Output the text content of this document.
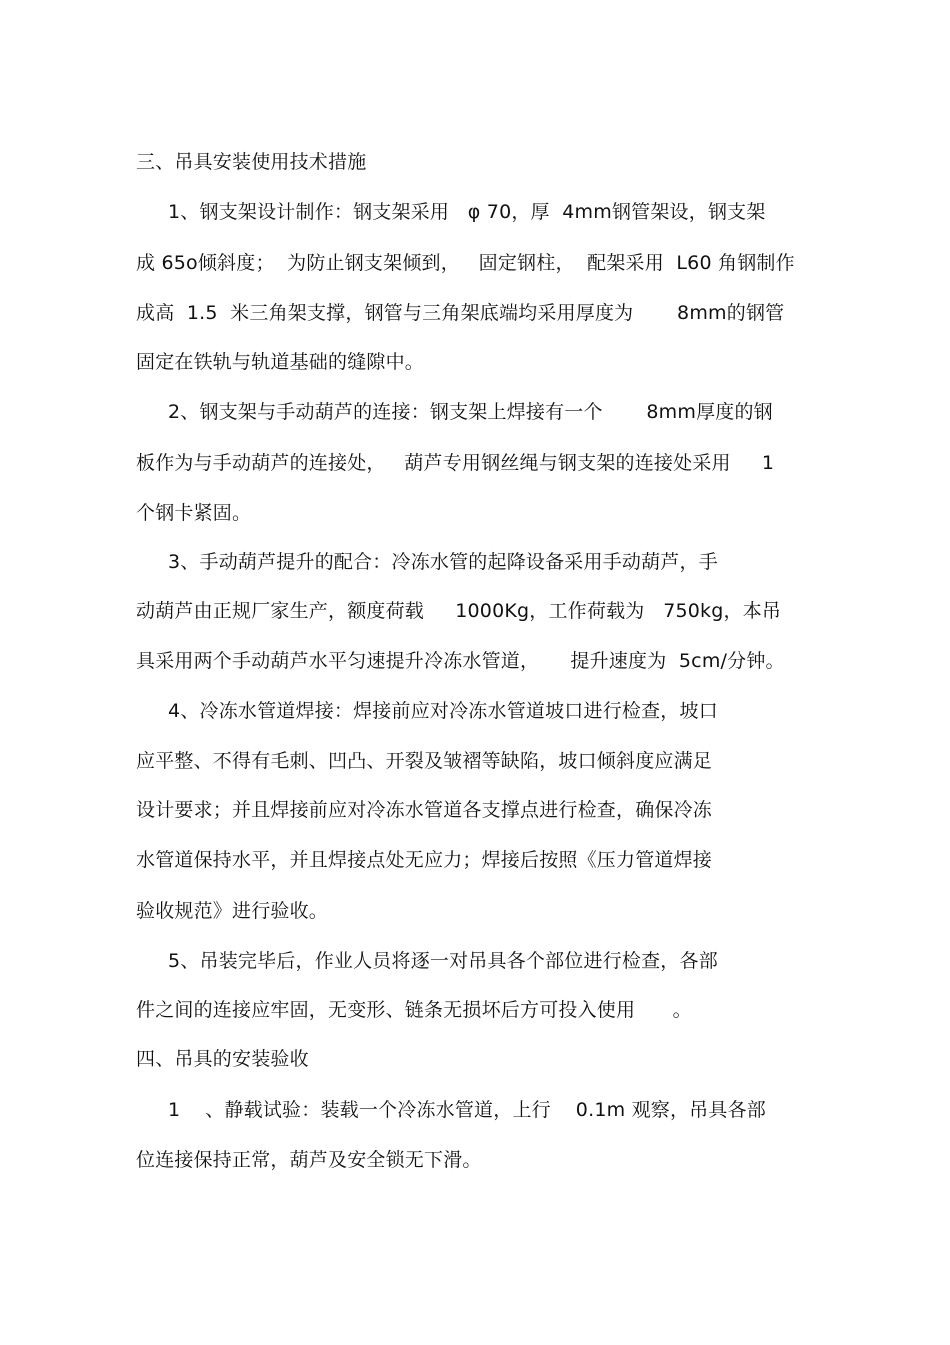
三、吊具安装使用技术措施
1、钢支架设计制作：钢支架采用   φ 70，厚  4mm钢管架设，钢支架
成 65o倾斜度；  为防止钢支架倾到，   固定钢柱，  配架采用  L60 角钢制作
成高  1.5  米三角架支撑，钢管与三角架底端均采用厚度为       8mm的钢管
固定在铁轨与轨道基础的缝隙中。
2、钢支架与手动葫芦的连接：钢支架上焊接有一个       8mm厚度的钢
板作为与手动葫芦的连接处，   葫芦专用钢丝绳与钢支架的连接处采用     1
个钢卡紧固。
3、手动葫芦提升的配合：冷冻水管的起降设备采用手动葫芦，手
动葫芦由正规厂家生产，额度荷载     1000Kg，工作荷载为   750kg，本吊
具采用两个手动葫芦水平匀速提升冷冻水管道，     提升速度为  5cm/分钟。
4、冷冻水管道焊接：焊接前应对冷冻水管道坡口进行检查，坡口
应平整、不得有毛刺、凹凸、开裂及皱褶等缺陷，坡口倾斜度应满足
设计要求；并且焊接前应对冷冻水管道各支撑点进行检查，确保冷冻
水管道保持水平，并且焊接点处无应力；焊接后按照《压力管道焊接
验收规范》进行验收。
5、吊装完毕后，作业人员将逐一对吊具各个部位进行检查，各部
件之间的连接应牢固，无变形、链条无损坏后方可投入使用      。
四、吊具的安装验收
1    、静载试验：装载一个冷冻水管道，上行    0.1m 观察，吊具各部
位连接保持正常，葫芦及安全锁无下滑。
